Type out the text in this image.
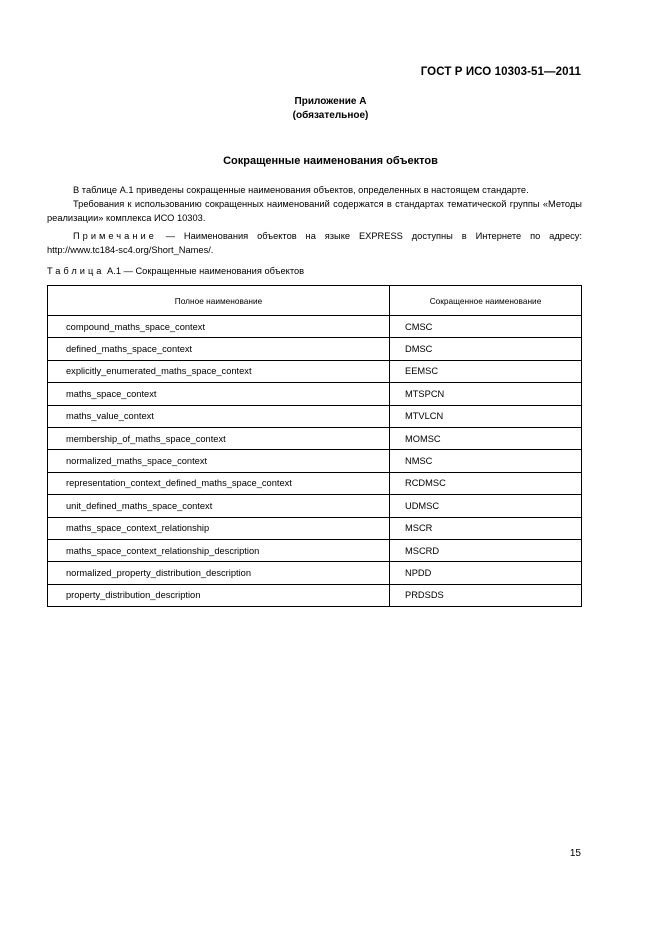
ГОСТ Р ИСО 10303-51—2011
Приложение А
(обязательное)
Сокращенные наименования объектов
В таблице А.1 приведены сокращенные наименования объектов, определенных в настоящем стандарте.
Требования к использованию сокращенных наименований содержатся в стандартах тематической группы «Методы реализации» комплекса ИСО 10303.
Примечание — Наименования объектов на языке EXPRESS доступны в Интернете по адресу: http://www.tc184-sc4.org/Short_Names/.
Таблица А.1 — Сокращенные наименования объектов
Полное наименование	Сокращенное наименование
compound_maths_space_context	CMSC
defined_maths_space_context	DMSC
explicitly_enumerated_maths_space_context	EEMSC
maths_space_context	MTSPCN
maths_value_context	MTVLCN
membership_of_maths_space_context	MOMSC
normalized_maths_space_context	NMSC
representation_context_defined_maths_space_context	RCDMSC
unit_defined_maths_space_context	UDMSC
maths_space_context_relationship	MSCR
maths_space_context_relationship_description	MSCRD
normalized_property_distribution_description	NPDD
property_distribution_description	PRDSDS
15
